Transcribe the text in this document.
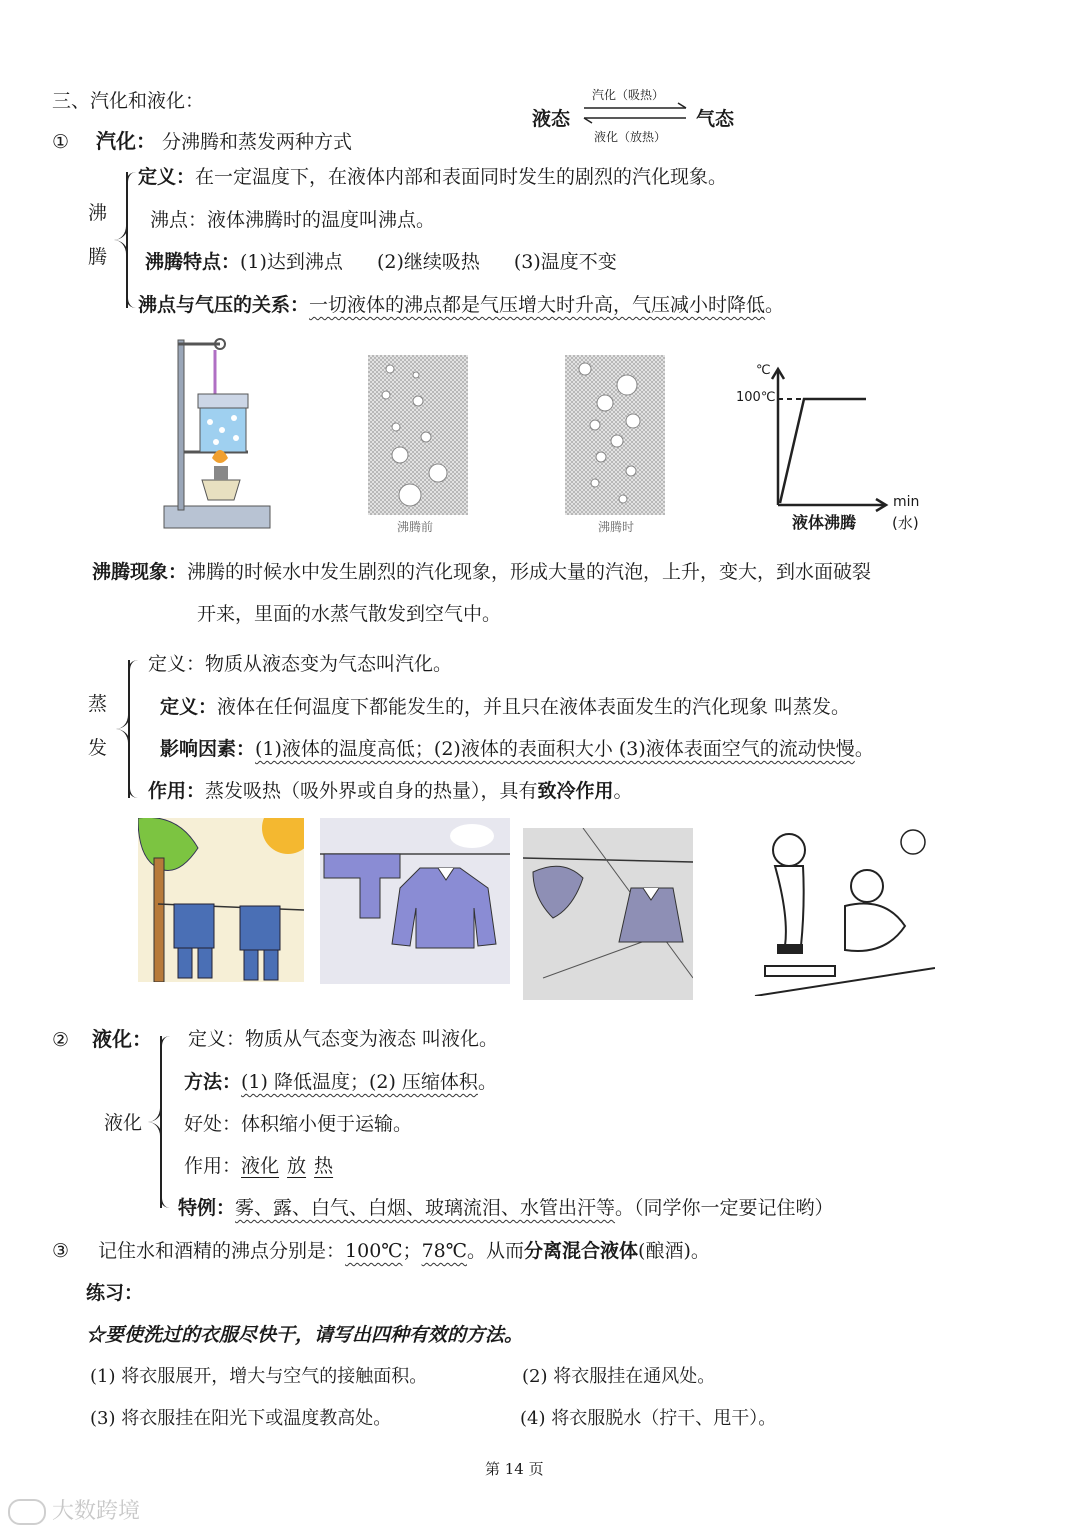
三、汽化和液化：
液态	气态
汽化（吸热）
液化（放热）
① 汽化： 分沸腾和蒸发两种方式
沸
腾
定义：在一定温度下，在液体内部和表面同时发生的剧烈的汽化现象。
沸点：液体沸腾时的温度叫沸点。
沸腾特点：(1)达到沸点 (2)继续吸热 (3)温度不变
沸点与气压的关系：一切液体的沸点都是气压增大时升高，气压减小时降低。
沸腾前	沸腾时
℃
100℃
min
液体沸腾 (水)
沸腾现象：沸腾的时候水中发生剧烈的汽化现象，形成大量的汽泡，上升，变大，到水面破裂
开来，里面的水蒸气散发到空气中。
蒸
发
定义：物质从液态变为气态叫汽化。
定义：液体在任何温度下都能发生的，并且只在液体表面发生的汽化现象 叫蒸发。
影响因素：(1)液体的温度高低；(2)液体的表面积大小 (3)液体表面空气的流动快慢。
作用：蒸发吸热（吸外界或自身的热量），具有致冷作用。
② 液化：
液化
定义：物质从气态变为液态 叫液化。
方法：(1) 降低温度；(2) 压缩体积。
好处：体积缩小便于运输。
作用：液化 放 热
特例：雾、露、白气、白烟、玻璃流泪、水管出汗等。（同学你一定要记住哟）
③ 记住水和酒精的沸点分别是：100℃；78℃。从而分离混合液体(酿酒)。
练习：
☆要使洗过的衣服尽快干，请写出四种有效的方法。
(1) 将衣服展开，增大与空气的接触面积。	(2) 将衣服挂在通风处。
(3) 将衣服挂在阳光下或温度教高处。	(4) 将衣服脱水（拧干、甩干）。
第 14 页
大数跨境
